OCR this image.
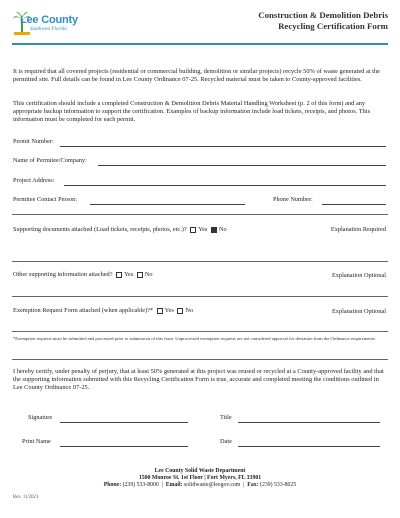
Lee County
Southwest Florida
Construction & Demolition Debris
Recycling Certification Form
It is required that all covered projects (residential or commercial building, demolition or similar projects) recycle 50% of waste generated at the permitted site. Full details can be found in Lee County Ordinance 07-25. Recycled material must be taken to County-approved facilities.
This certification should include a completed Construction & Demolition Debris Material Handling Worksheet (p. 2 of this form) and any appropriate backup information to support the certification. Examples of backup information include load tickets, receipts, and photos. This information must be completed for each permit.
Permit Number:
Name of Permitee/Company:
Project Address:
Permitee Contact Person:	Phone Number:
Supporting documents attached (Load tickets, receipts, photos, etc.)? Yes No	Explanation Required
Other supporting information attached? Yes No	Explanation Optional
Exemption Request Form attached (when applicable)?* Yes No	Explanation Optional
*Exemption requests must be submitted and processed prior to submission of this form. Unprocessed exemption requests are not considered approval for deviation from the Ordinance requirements.
I hereby certify, under penalty of perjury, that at least 50% generated at this project was reused or recycled at a County-approved facility and that the supporting information submitted with this Recycling Certification Form is true, accurate and completed meeting the conditions outlined in Lee County Ordinance 07-25.
Signature	Title
Print Name	Date
Lee County Solid Waste Department
1500 Monroe St. 1st Floor | Fort Myers, FL 33901
Phone: (239) 533-8000  |  Email: solidwaste@leegov.com  |  Fax: (239) 533-8025
Rev. 11/2021
